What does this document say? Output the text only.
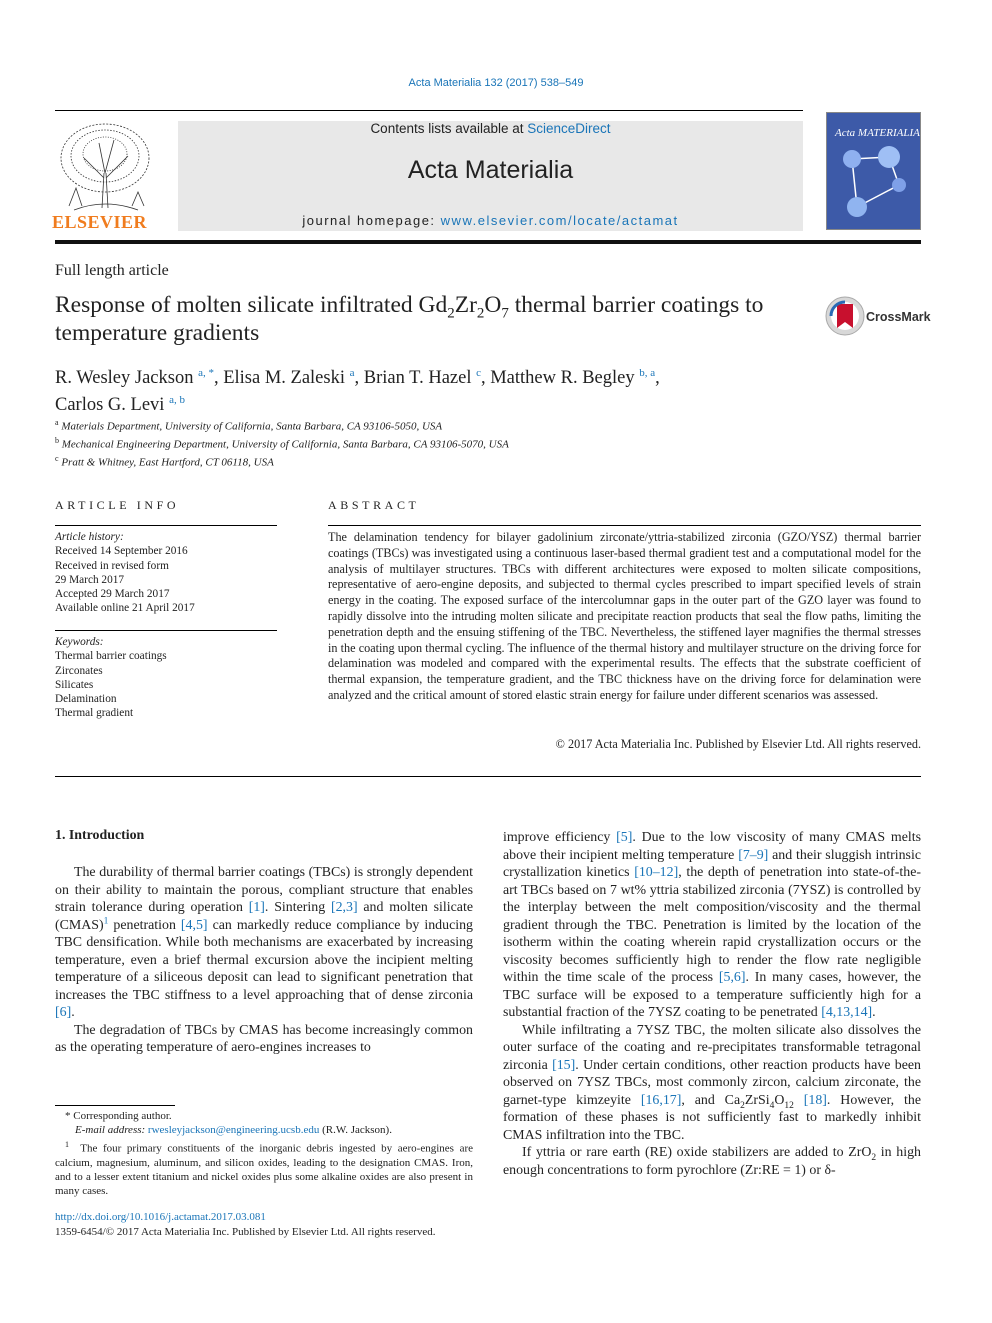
Acta Materialia 132 (2017) 538–549
Contents lists available at ScienceDirect
Acta Materialia
journal homepage: www.elsevier.com/locate/actamat
ELSEVIER
Acta MATERIALIA
Full length article
Response of molten silicate infiltrated $Gd_2Zr_2O_7$ thermal barrier coatings to temperature gradients
CrossMark
R. Wesley Jackson $^{a, *}$, Elisa M. Zaleski $^a$, Brian T. Hazel $^c$, Matthew R. Begley $^{b, a}$,
Carlos G. Levi $^{a, b}$
$^a$ Materials Department, University of California, Santa Barbara, CA 93106-5050, USA
$^b$ Mechanical Engineering Department, University of California, Santa Barbara, CA 93106-5070, USA
$^c$ Pratt & Whitney, East Hartford, CT 06118, USA
ARTICLE INFO	ABSTRACT
Article history:
Received 14 September 2016
Received in revised form
29 March 2017
Accepted 29 March 2017
Available online 21 April 2017
Keywords:
Thermal barrier coatings
Zirconates
Silicates
Delamination
Thermal gradient
The delamination tendency for bilayer gadolinium zirconate/yttria-stabilized zirconia (GZO/YSZ) thermal barrier coatings (TBCs) was investigated using a continuous laser-based thermal gradient test and a computational model for the analysis of multilayer structures. TBCs with different architectures were exposed to molten silicate compositions, representative of aero-engine deposits, and subjected to thermal cycles prescribed to impart specified levels of strain energy in the coating. The exposed surface of the intercolumnar gaps in the outer part of the GZO layer was found to rapidly dissolve into the intruding molten silicate and precipitate reaction products that seal the flow paths, limiting the penetration depth and the ensuing stiffening of the TBC. Nevertheless, the stiffened layer magnifies the thermal stresses in the coating upon thermal cycling. The influence of the thermal history and multilayer structure on the driving force for delamination was modeled and compared with the experimental results. The effects that the substrate coefficient of thermal expansion, the temperature gradient, and the TBC thickness have on the driving force for delamination were analyzed and the critical amount of stored elastic strain energy for failure under different scenarios was assessed.
© 2017 Acta Materialia Inc. Published by Elsevier Ltd. All rights reserved.
1. Introduction

The durability of thermal barrier coatings (TBCs) is strongly dependent on their ability to maintain the porous, compliant structure that enables strain tolerance during operation [1]. Sintering [2,3] and molten silicate (CMAS)$^1$ penetration [4,5] can markedly reduce compliance by inducing TBC densification. While both mechanisms are exacerbated by increasing temperature, even a brief thermal excursion above the incipient melting temperature of a siliceous deposit can lead to significant penetration that increases the TBC stiffness to a level approaching that of dense zirconia [6].

The degradation of TBCs by CMAS has become increasingly common as the operating temperature of aero-engines increases to

improve efficiency [5]. Due to the low viscosity of many CMAS melts above their incipient melting temperature [7–9] and their sluggish intrinsic crystallization kinetics [10–12], the depth of penetration into state-of-the-art TBCs based on 7 wt% yttria stabilized zirconia (7YSZ) is controlled by the interplay between the melt composition/viscosity and the thermal gradient through the TBC. Penetration is limited by the location of the isotherm within the coating wherein rapid crystallization occurs or the viscosity becomes sufficiently high to render the flow rate negligible within the time scale of the process [5,6]. In many cases, however, the TBC surface will be exposed to a temperature sufficiently high for a substantial fraction of the 7YSZ coating to be penetrated [4,13,14].

While infiltrating a 7YSZ TBC, the molten silicate also dissolves the outer surface of the coating and re-precipitates transformable tetragonal zirconia [15]. Under certain conditions, other reaction products have been observed on 7YSZ TBCs, most commonly zircon, calcium zirconate, the garnet-type kimzeyite [16,17], and $Ca_2ZrSi_4O_{12}$ [18]. However, the formation of these phases is not sufficiently fast to markedly inhibit CMAS infiltration into the TBC.

If yttria or rare earth (RE) oxide stabilizers are added to ZrO$_2$ in high enough concentrations to form pyrochlore (Zr:RE = 1) or δ-

* Corresponding author.

E-mail address: rwesleyjackson@engineering.ucsb.edu (R.W. Jackson).

$^1$ The four primary constituents of the inorganic debris ingested by aero-engines are calcium, magnesium, aluminum, and silicon oxides, leading to the designation CMAS. Iron, and to a lesser extent titanium and nickel oxides plus some alkaline oxides are also present in many cases.

http://dx.doi.org/10.1016/j.actamat.2017.03.081
1359-6454/© 2017 Acta Materialia Inc. Published by Elsevier Ltd. All rights reserved.
